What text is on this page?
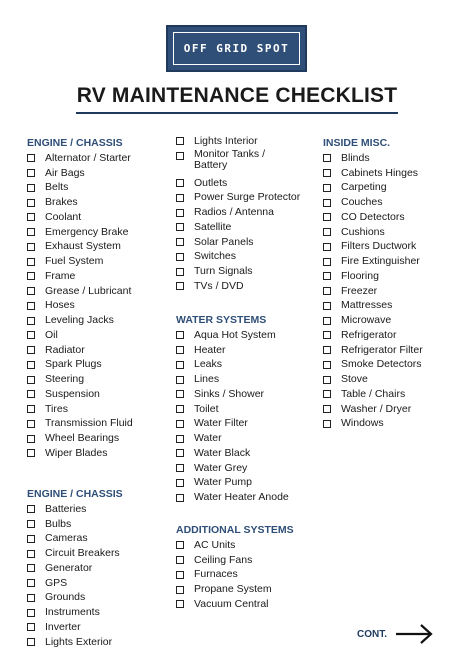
OFF GRID SPOT
RV MAINTENANCE CHECKLIST
ENGINE / CHASSIS
Alternator / Starter
Air Bags
Belts
Brakes
Coolant
Emergency Brake
Exhaust System
Fuel System
Frame
Grease / Lubricant
Hoses
Leveling Jacks
Oil
Radiator
Spark Plugs
Steering
Suspension
Tires
Transmission Fluid
Wheel Bearings
Wiper Blades
ENGINE / CHASSIS
Batteries
Bulbs
Cameras
Circuit Breakers
Generator
GPS
Grounds
Instruments
Inverter
Lights Exterior
Lights Interior
Monitor Tanks / Battery
Outlets
Power Surge Protector
Radios / Antenna
Satellite
Solar Panels
Switches
Turn Signals
TVs / DVD
WATER SYSTEMS
Aqua Hot System
Heater
Leaks
Lines
Sinks / Shower
Toilet
Water Filter
Water
Water Black
Water Grey
Water Pump
Water Heater Anode
ADDITIONAL SYSTEMS
AC Units
Ceiling Fans
Furnaces
Propane System
Vacuum Central
INSIDE MISC.
Blinds
Cabinets Hinges
Carpeting
Couches
CO Detectors
Cushions
Filters Ductwork
Fire Extinguisher
Flooring
Freezer
Mattresses
Microwave
Refrigerator
Refrigerator Filter
Smoke Detectors
Stove
Table / Chairs
Washer / Dryer
Windows
CONT.
